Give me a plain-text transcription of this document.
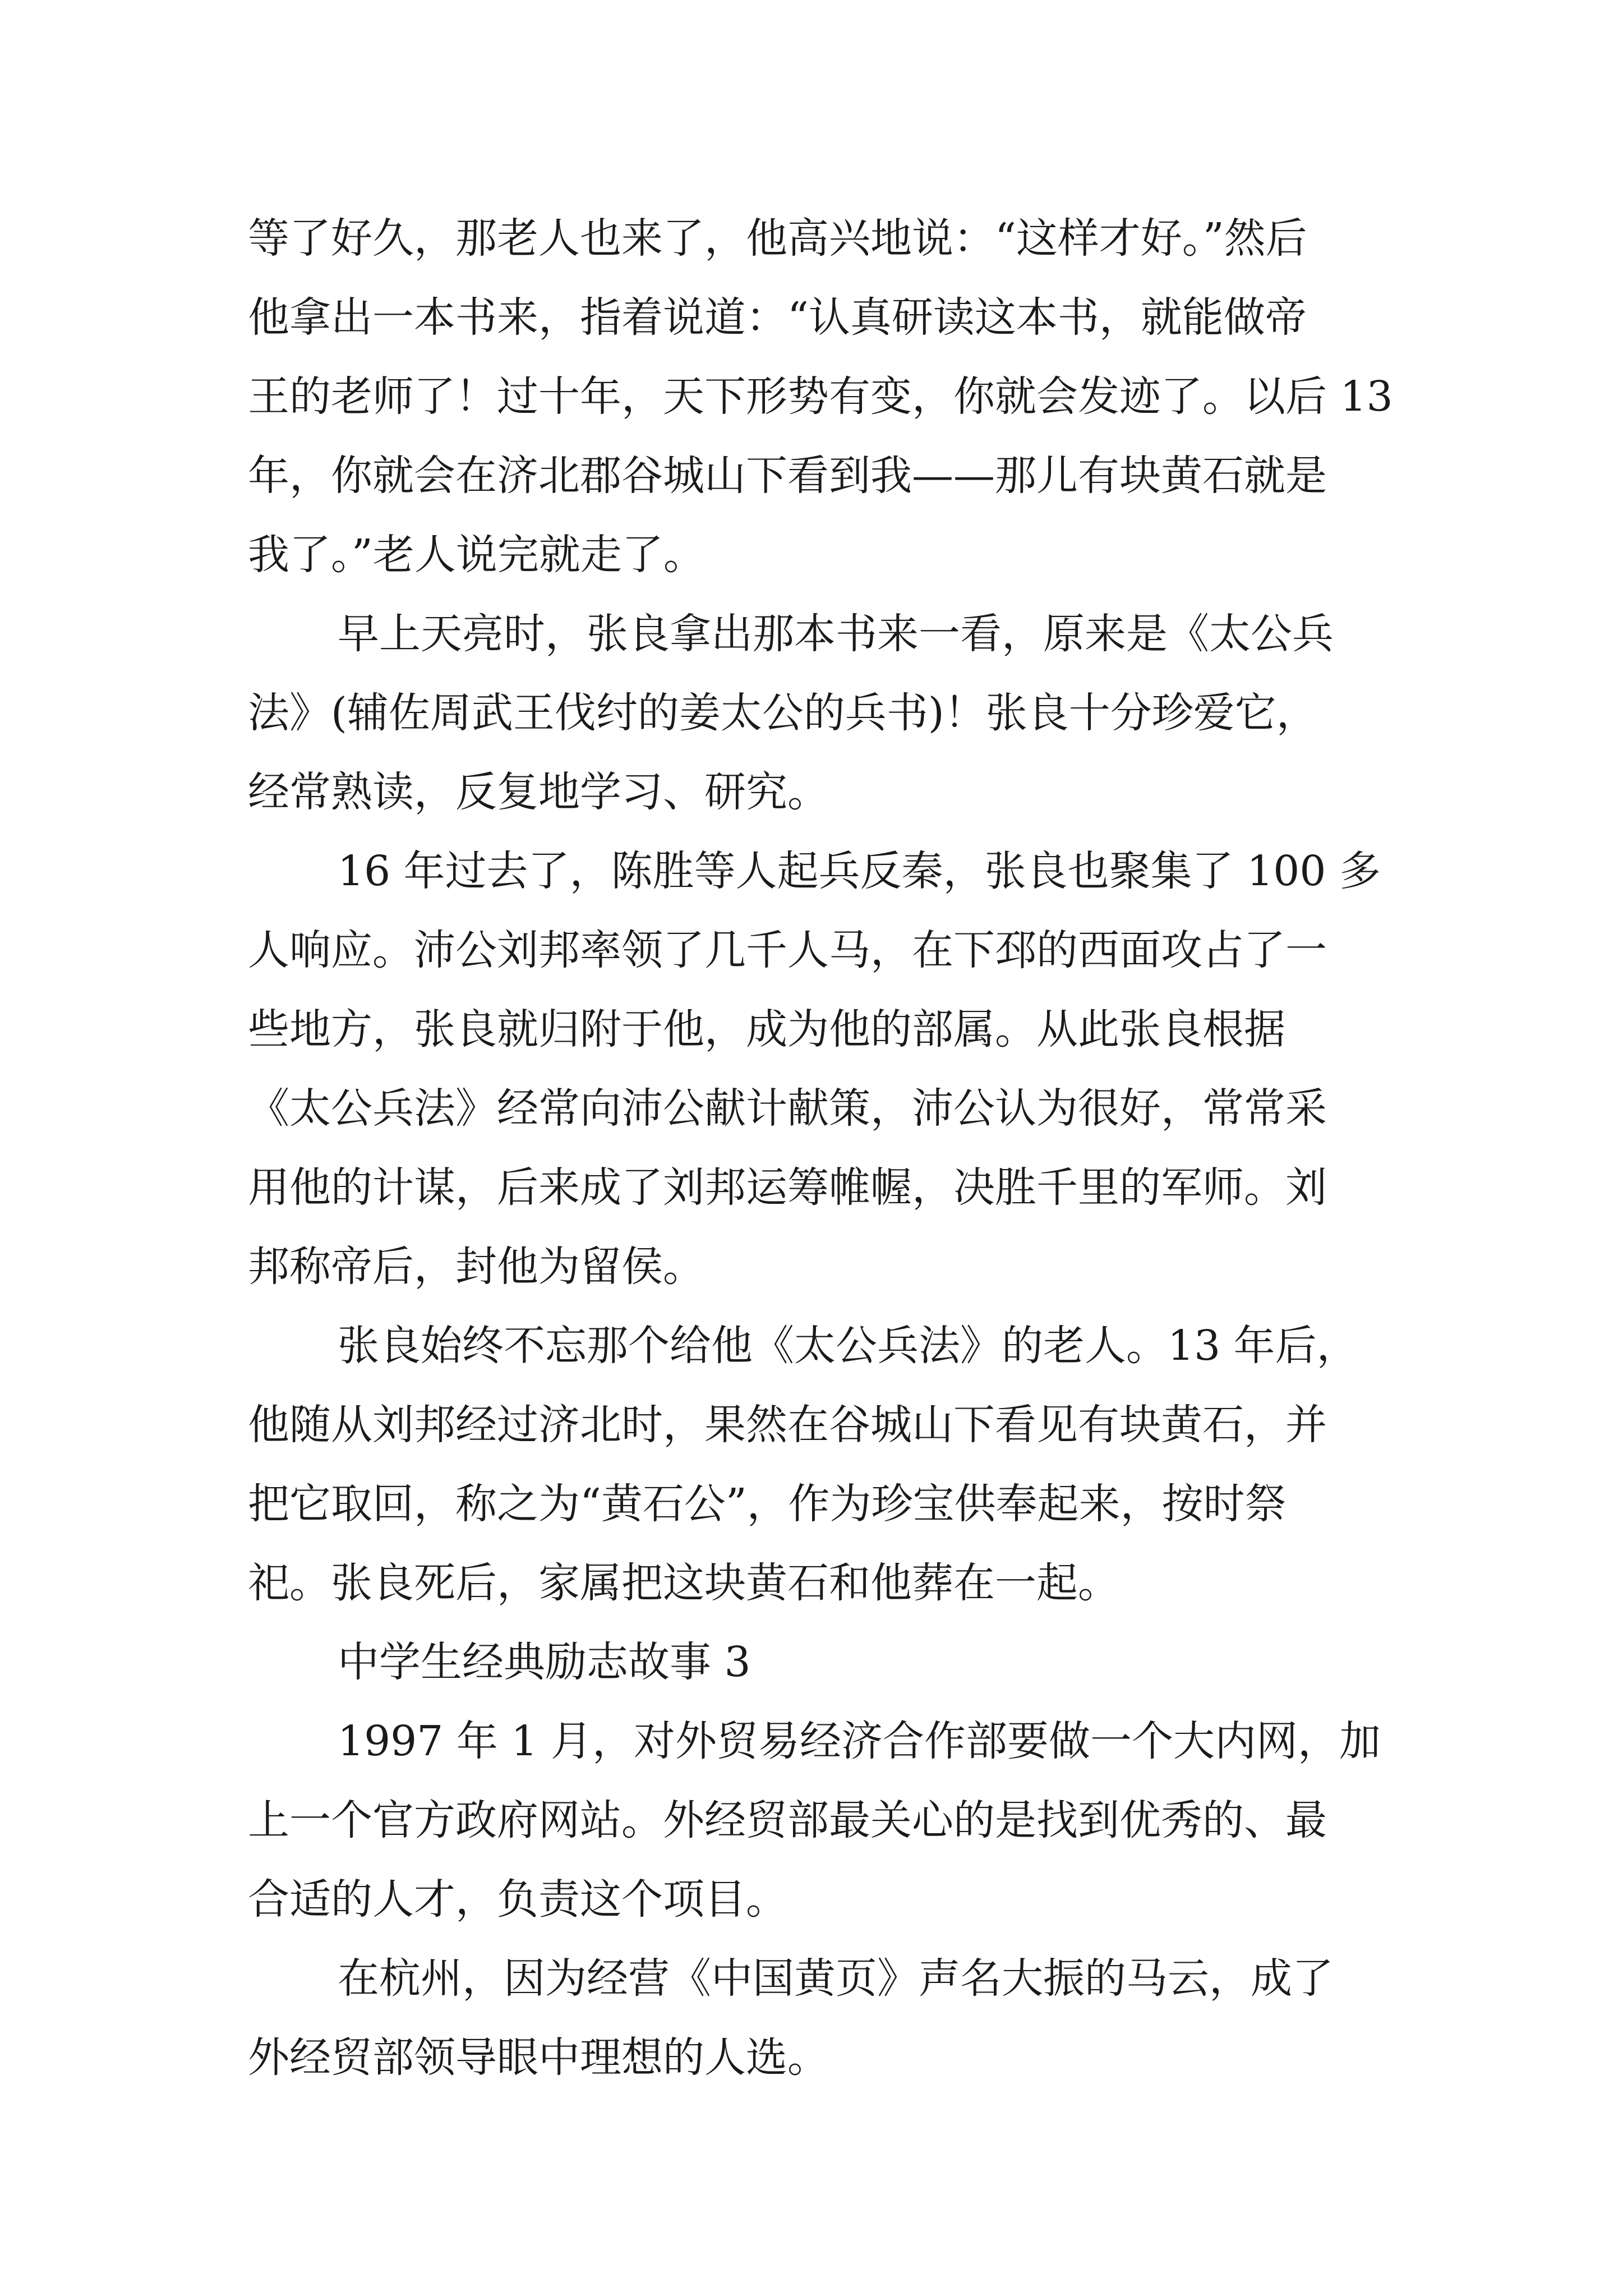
等了好久，那老人也来了，他高兴地说：“这样才好。”然后
他拿出一本书来，指着说道：“认真研读这本书，就能做帝
王的老师了！过十年，天下形势有变，你就会发迹了。以后 13
年，你就会在济北郡谷城山下看到我——那儿有块黄石就是
我了。”老人说完就走了。

早上天亮时，张良拿出那本书来一看，原来是《太公兵
法》(辅佐周武王伐纣的姜太公的兵书)！张良十分珍爱它，
经常熟读，反复地学习、研究。

16 年过去了，陈胜等人起兵反秦，张良也聚集了 100 多
人响应。沛公刘邦率领了几千人马，在下邳的西面攻占了一
些地方，张良就归附于他，成为他的部属。从此张良根据
《太公兵法》经常向沛公献计献策，沛公认为很好，常常采
用他的计谋，后来成了刘邦运筹帷幄，决胜千里的军师。刘
邦称帝后，封他为留侯。

张良始终不忘那个给他《太公兵法》的老人。13 年后，
他随从刘邦经过济北时，果然在谷城山下看见有块黄石，并
把它取回，称之为“黄石公”，作为珍宝供奉起来，按时祭
祀。张良死后，家属把这块黄石和他葬在一起。

中学生经典励志故事 3

1997 年 1 月，对外贸易经济合作部要做一个大内网，加
上一个官方政府网站。外经贸部最关心的是找到优秀的、最
合适的人才，负责这个项目。

在杭州，因为经营《中国黄页》声名大振的马云，成了
外经贸部领导眼中理想的人选。
